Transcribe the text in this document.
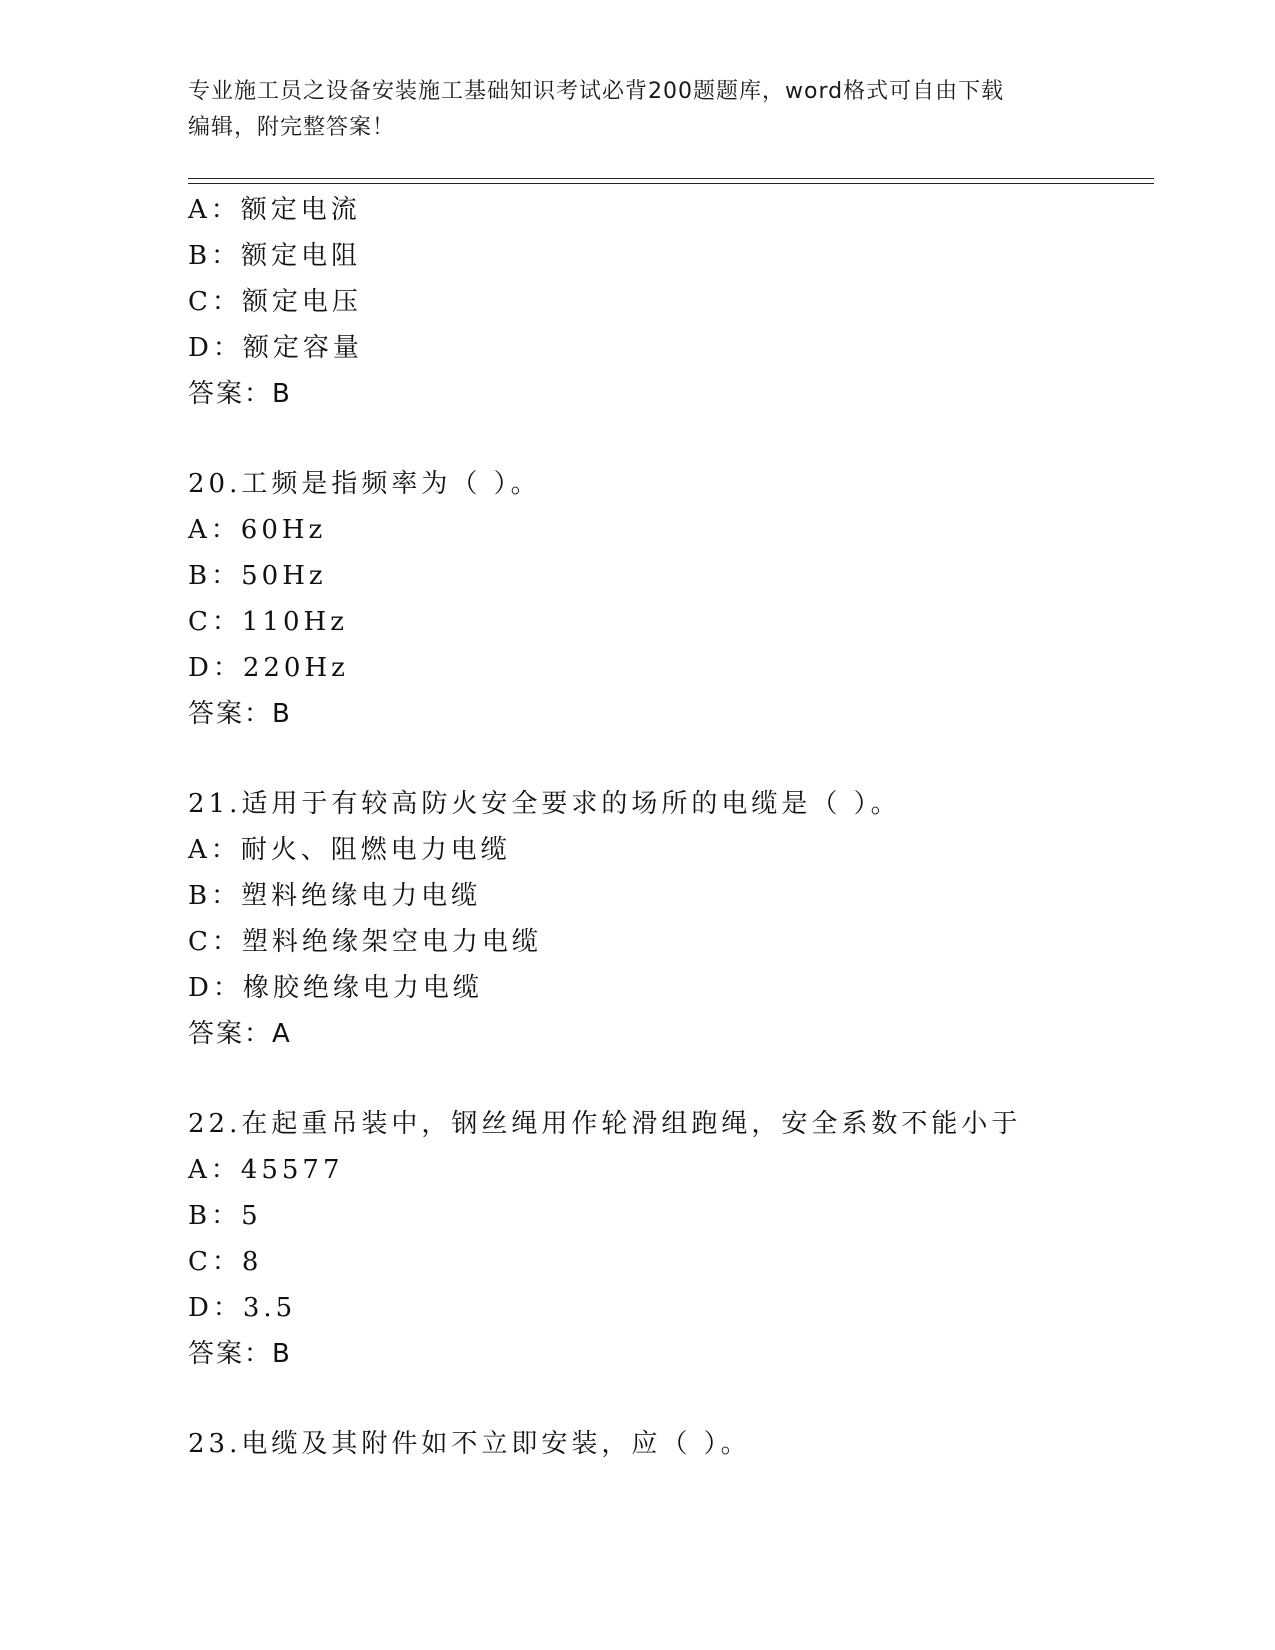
专业施工员之设备安装施工基础知识考试必背200题题库，word格式可自由下载
编辑，附完整答案！
A：额定电流
B：额定电阻
C：额定电压
D：额定容量
答案：B
20.工频是指频率为（ ）。
A：60Hz
B：50Hz
C：110Hz
D：220Hz
答案：B
21.适用于有较高防火安全要求的场所的电缆是（ ）。
A：耐火、阻燃电力电缆
B：塑料绝缘电力电缆
C：塑料绝缘架空电力电缆
D：橡胶绝缘电力电缆
答案：A
22.在起重吊装中，钢丝绳用作轮滑组跑绳，安全系数不能小于
A：45577
B：5
C：8
D：3.5
答案：B
23.电缆及其附件如不立即安装，应（ ）。
